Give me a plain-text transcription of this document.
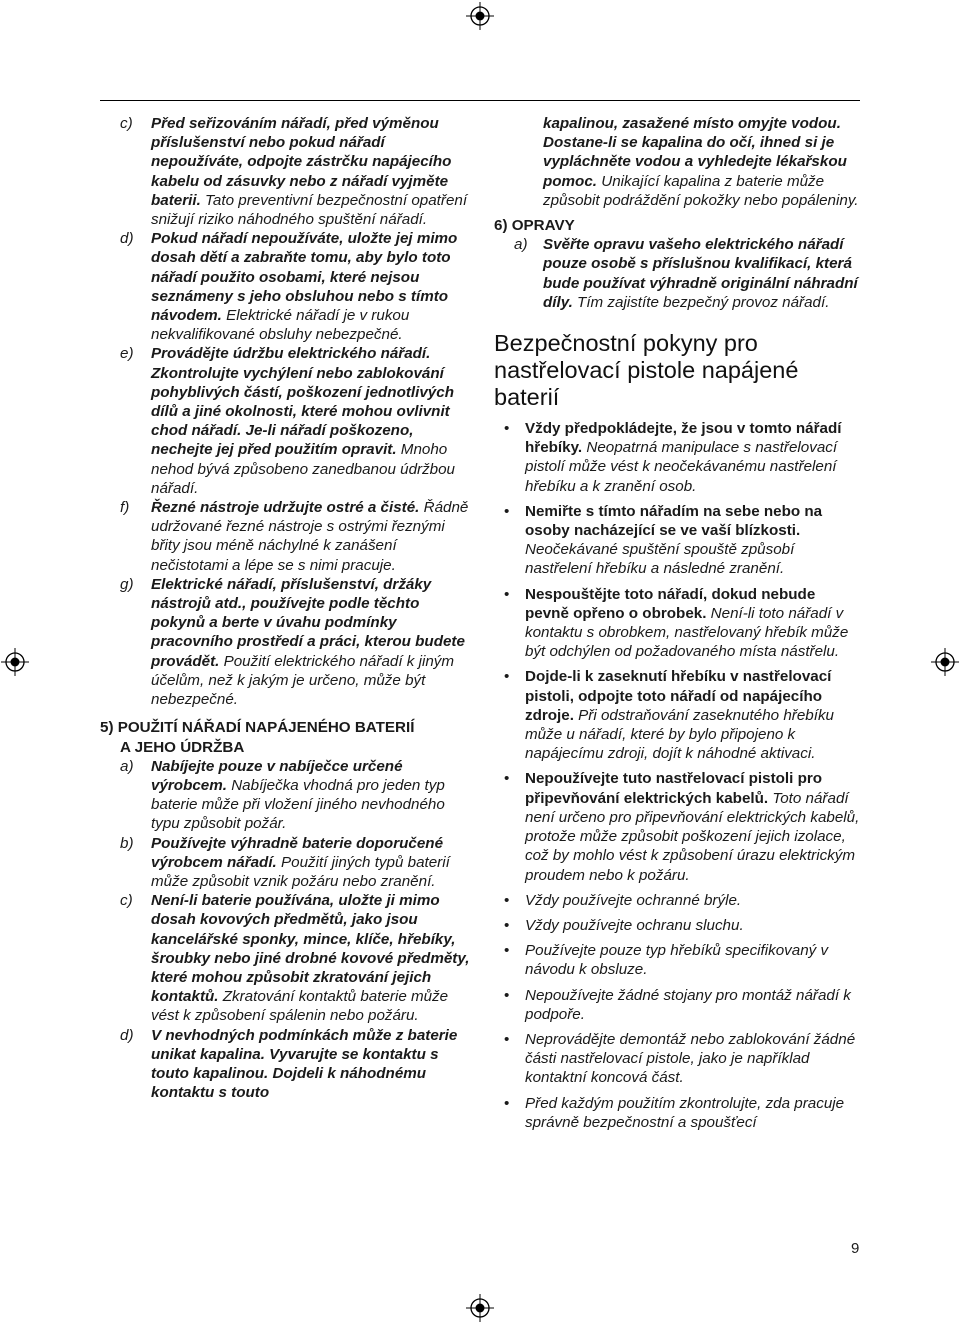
c) Před seřizováním nářadí, před výměnou příslušenství nebo pokud nářadí nepoužíváte, odpojte zástrčku napájecího kabelu od zásuvky nebo z nářadí vyjměte baterii. Tato preventivní bezpečnostní opatření snižují riziko náhodného spuštění nářadí.
d) Pokud nářadí nepoužíváte, uložte jej mimo dosah dětí a zabraňte tomu, aby bylo toto nářadí použito osobami, které nejsou seznámeny s jeho obsluhou nebo s tímto návodem. Elektrické nářadí je v rukou nekvalifikované obsluhy nebezpečné.
e) Provádějte údržbu elektrického nářadí. Zkontrolujte vychýlení nebo zablokování pohyblivých částí, poškození jednotlivých dílů a jiné okolnosti, které mohou ovlivnit chod nářadí. Je-li nářadí poškozeno, nechejte jej před použitím opravit. Mnoho nehod bývá způsobeno zanedbanou údržbou nářadí.
f) Řezné nástroje udržujte ostré a čisté. Řádně udržované řezné nástroje s ostrými řeznými břity jsou méně náchylné k zanášení nečistotami a lépe se s nimi pracuje.
g) Elektrické nářadí, příslušenství, držáky nástrojů atd., používejte podle těchto pokynů a berte v úvahu podmínky pracovního prostředí a práci, kterou budete provádět. Použití elektrického nářadí k jiným účelům, než k jakým je určeno, může být nebezpečné.
5) POUŽITÍ NÁŘADÍ NAPÁJENÉHO BATERIÍ
A JEHO ÚDRŽBA
a) Nabíjejte pouze v nabíječce určené výrobcem. Nabíječka vhodná pro jeden typ baterie může při vložení jiného nevhodného typu způsobit požár.
b) Používejte výhradně baterie doporučené výrobcem nářadí. Použití jiných typů baterií může způsobit vznik požáru nebo zranění.
c) Není-li baterie používána, uložte ji mimo dosah kovových předmětů, jako jsou kancelářské sponky, mince, klíče, hřebíky, šroubky nebo jiné drobné kovové předměty, které mohou způsobit zkratování jejich kontaktů. Zkratování kontaktů baterie může vést k způsobení spálenin nebo požáru.
d) V nevhodných podmínkách může z baterie unikat kapalina. Vyvarujte se kontaktu s touto kapalinou. Dojdeli k náhodnému kontaktu s touto
kapalinou, zasažené místo omyjte vodou. Dostane-li se kapalina do očí, ihned si je vypláchněte vodou a vyhledejte lékařskou pomoc. Unikající kapalina z baterie může způsobit podráždění pokožky nebo popáleniny.
6) OPRAVY
a) Svěřte opravu vašeho elektrického nářadí pouze osobě s příslušnou kvalifikací, která bude používat výhradně originální náhradní díly. Tím zajistíte bezpečný provoz nářadí.
Bezpečnostní pokyny pro nastřelovací pistole napájené baterií
• Vždy předpokládejte, že jsou v tomto nářadí hřebíky. Neopatrná manipulace s nastřelovací pistolí může vést k neočekávanému nastřelení hřebíku a k zranění osob.
• Nemiřte s tímto nářadím na sebe nebo na osoby nacházející se ve vaší blízkosti. Neočekávané spuštění spouště způsobí nastřelení hřebíku a následné zranění.
• Nespouštějte toto nářadí, dokud nebude pevně opřeno o obrobek. Není-li toto nářadí v kontaktu s obrobkem, nastřelovaný hřebík může být odchýlen od požadovaného místa nástřelu.
• Dojde-li k zaseknutí hřebíku v nastřelovací pistoli, odpojte toto nářadí od napájecího zdroje. Při odstraňování zaseknutého hřebíku může u nářadí, které by bylo připojeno k napájecímu zdroji, dojít k náhodné aktivaci.
• Nepoužívejte tuto nastřelovací pistoli pro připevňování elektrických kabelů. Toto nářadí není určeno pro připevňování elektrických kabelů, protože může způsobit poškození jejich izolace, což by mohlo vést k způsobení úrazu elektrickým proudem nebo k požáru.
• Vždy používejte ochranné brýle.
• Vždy používejte ochranu sluchu.
• Používejte pouze typ hřebíků specifikovaný v návodu k obsluze.
• Nepoužívejte žádné stojany pro montáž nářadí k podpoře.
• Neprovádějte demontáž nebo zablokování žádné části nastřelovací pistole, jako je například kontaktní koncová část.
• Před každým použitím zkontrolujte, zda pracuje správně bezpečnostní a spoušťecí
9
